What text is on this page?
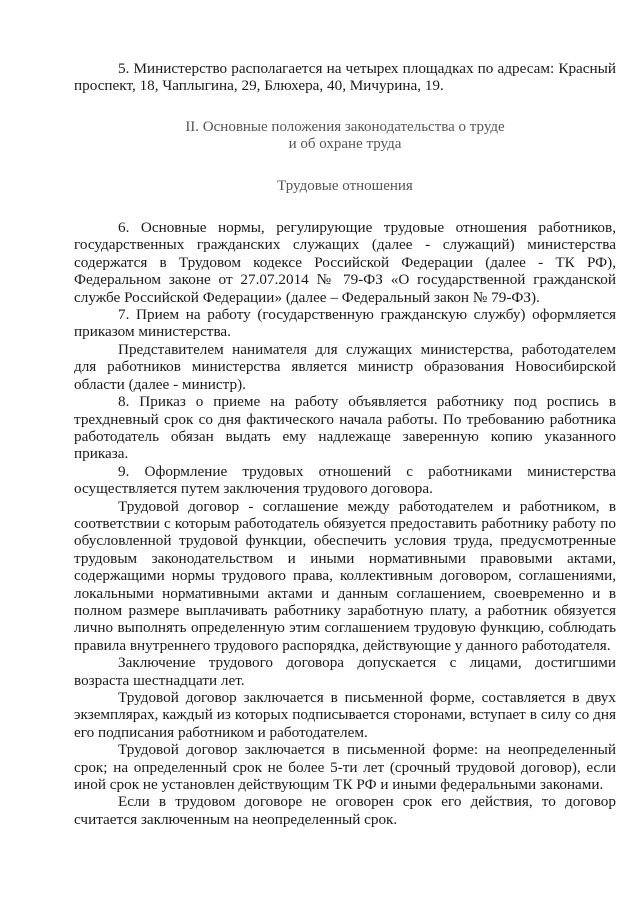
5. Министерство располагается на четырех площадках по адресам: Красный проспект, 18, Чаплыгина, 29, Блюхера, 40, Мичурина, 19.

II. Основные положения законодательства о труде
и об охране труда
Трудовые отношения

6. Основные нормы, регулирующие трудовые отношения работников, государственных гражданских служащих (далее - служащий) министерства содержатся в Трудовом кодексе Российской Федерации (далее - ТК РФ), Федеральном законе от 27.07.2014 № 79-ФЗ «О государственной гражданской службе Российской Федерации» (далее – Федеральный закон № 79-ФЗ).

7. Прием на работу (государственную гражданскую службу) оформляется приказом министерства.

Представителем нанимателя для служащих министерства, работодателем для работников министерства является министр образования Новосибирской области (далее - министр).

8. Приказ о приеме на работу объявляется работнику под роспись в трехдневный срок со дня фактического начала работы. По требованию работника работодатель обязан выдать ему надлежаще заверенную копию указанного приказа.

9. Оформление трудовых отношений с работниками министерства осуществляется путем заключения трудового договора.

Трудовой договор - соглашение между работодателем и работником, в соответствии с которым работодатель обязуется предоставить работнику работу по обусловленной трудовой функции, обеспечить условия труда, предусмотренные трудовым законодательством и иными нормативными правовыми актами, содержащими нормы трудового права, коллективным договором, соглашениями, локальными нормативными актами и данным соглашением, своевременно и в полном размере выплачивать работнику заработную плату, а работник обязуется лично выполнять определенную этим соглашением трудовую функцию, соблюдать правила внутреннего трудового распорядка, действующие у данного работодателя.

Заключение трудового договора допускается с лицами, достигшими возраста шестнадцати лет.

Трудовой договор заключается в письменной форме, составляется в двух экземплярах, каждый из которых подписывается сторонами, вступает в силу со дня его подписания работником и работодателем.

Трудовой договор заключается в письменной форме: на неопределенный срок; на определенный срок не более 5-ти лет (срочный трудовой договор), если иной срок не установлен действующим ТК РФ и иными федеральными законами.

Если в трудовом договоре не оговорен срок его действия, то договор считается заключенным на неопределенный срок.
